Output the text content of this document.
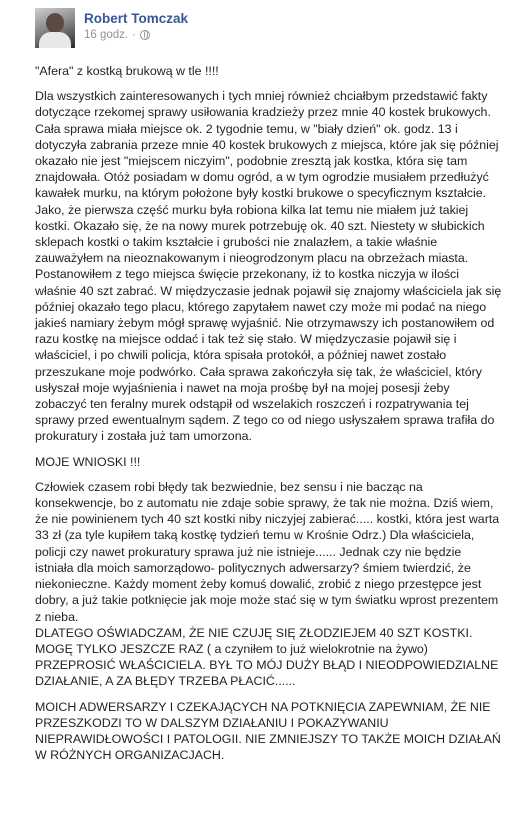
Robert Tomczak
16 godz. ·

"Afera" z kostką brukową w tle !!!!

Dla wszystkich zainteresowanych i tych mniej również chciałbym przedstawić fakty dotyczące rzekomej sprawy usiłowania kradzieży przez mnie 40 kostek brukowych. Cała sprawa miała miejsce ok. 2 tygodnie temu, w "biały dzień" ok. godz. 13 i dotyczyła zabrania przeze mnie 40 kostek brukowych z miejsca, które jak się później okazało nie jest "miejscem niczyim", podobnie zresztą jak kostka, która się tam znajdowała. Otóż posiadam w domu ogród, a w tym ogrodzie musiałem przedłużyć kawałek murku, na którym położone były kostki brukowe o specyficznym kształcie. Jako, że pierwsza część murku była robiona kilka lat temu nie miałem już takiej kostki. Okazało się, że na nowy murek potrzebuję ok. 40 szt. Niestety w słubickich sklepach kostki o takim kształcie i grubości nie znalazłem, a takie właśnie zauważyłem na nieoznakowanym i nieogrodzonym placu na obrzeżach miasta. Postanowiłem z tego miejsca święcie przekonany, iż to kostka niczyja w ilości właśnie 40 szt zabrać. W międzyczasie jednak pojawił się znajomy właściciela jak się później okazało tego placu, którego zapytałem nawet czy może mi podać na niego jakieś namiary żebym mógł sprawę wyjaśnić. Nie otrzymawszy ich postanowiłem od razu kostkę na miejsce oddać i tak też się stało. W międzyczasie pojawił się i właściciel, i po chwili policja, która spisała protokół, a później nawet zostało przeszukane moje podwórko. Cała sprawa zakończyła się tak, że właściciel, który usłyszał moje wyjaśnienia i nawet na moja prośbę był na mojej posesji żeby zobaczyć ten feralny murek odstąpił od wszelakich roszczeń i rozpatrywania tej sprawy przed ewentualnym sądem. Z tego co od niego usłyszałem sprawa trafiła do prokuratury i została już tam umorzona.

MOJE WNIOSKI !!!

Człowiek czasem robi błędy tak bezwiednie, bez sensu i nie bacząc na konsekwencje, bo z automatu nie zdaje sobie sprawy, że tak nie można. Dziś wiem, że nie powinienem tych 40 szt kostki niby niczyjej zabierać..... kostki, która jest warta 33 zł (za tyle kupiłem taką kostkę tydzień temu w Krośnie Odrz.) Dla właściciela, policji czy nawet prokuratury sprawa już nie istnieje...... Jednak czy nie będzie istniała dla moich samorządowo- politycznych adwersarzy? śmiem twierdzić, że niekonieczne. Każdy moment żeby komuś dowalić, zrobić z niego przestępce jest dobry, a już takie potknięcie jak moje może stać się w tym światku wprost prezentem z nieba.

DLATEGO OŚWIADCZAM, ŻE NIE CZUJĘ SIĘ ZŁODZIEJEM 40 SZT KOSTKI. MOGĘ TYLKO JESZCZE RAZ ( a czyniłem to już wielokrotnie na żywo) PRZEPROSIĆ WŁAŚCICIELA. BYŁ TO MÓJ DUŻY BŁĄD I NIEODPOWIEDZIALNE DZIAŁANIE, A ZA BŁĘDY TRZEBA PŁACIĆ......

MOICH ADWERSARZY I CZEKAJĄCYCH NA POTKNIĘCIA ZAPEWNIAM, ŻE NIE PRZESZKODZI TO W DALSZYM DZIAŁANIU I POKAZYWANIU NIEPRAWIDŁOWOŚCI I PATOLOGII. NIE ZMNIEJSZY TO TAKŻE MOICH DZIAŁAŃ W RÓŻNYCH ORGANIZACJACH.
